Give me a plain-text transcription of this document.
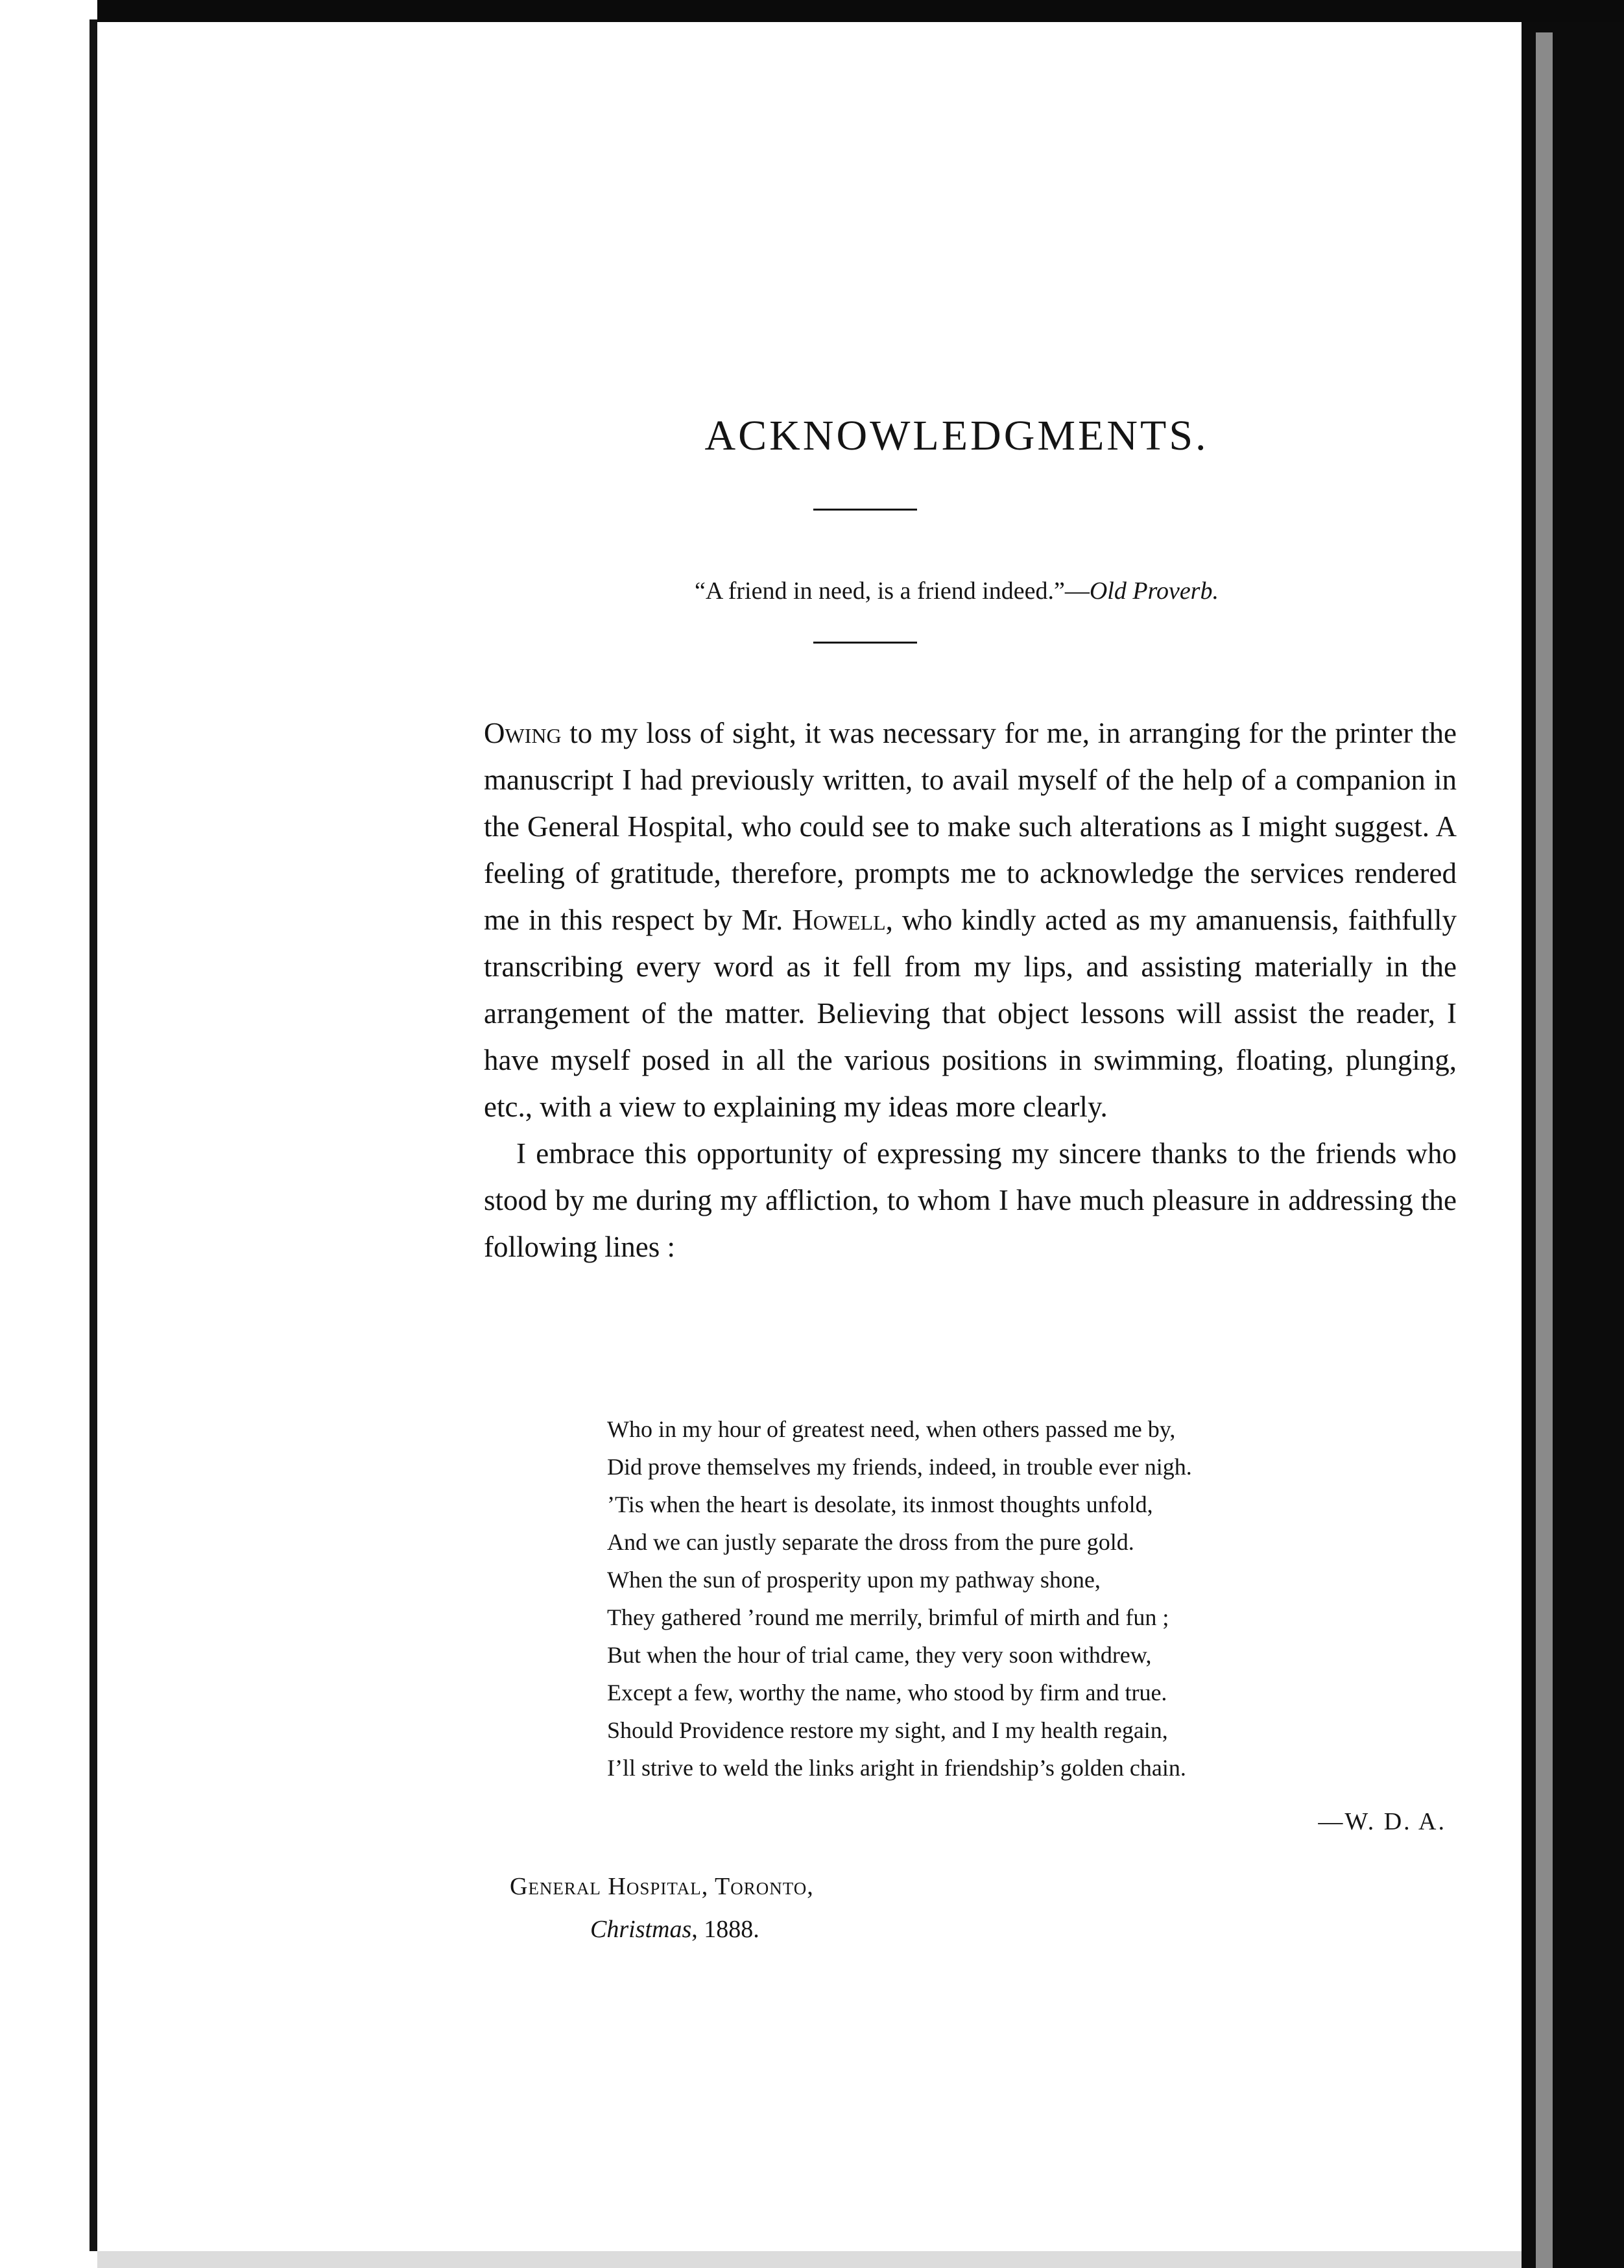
ACKNOWLEDGMENTS.
“A friend in need, is a friend indeed.”—Old Proverb.

Owing to my loss of sight, it was necessary for me, in arranging for the printer the manuscript I had previously written, to avail myself of the help of a companion in the General Hospital, who could see to make such alterations as I might suggest. A feeling of gratitude, therefore, prompts me to acknowledge the services rendered me in this respect by Mr. Howell, who kindly acted as my amanuensis, faithfully transcribing every word as it fell from my lips, and assisting materially in the arrangement of the matter. Believing that object lessons will assist the reader, I have myself posed in all the various positions in swimming, floating, plunging, etc., with a view to explaining my ideas more clearly.

I embrace this opportunity of expressing my sincere thanks to the friends who stood by me during my affliction, to whom I have much pleasure in addressing the following lines :

Who in my hour of greatest need, when others passed me by,
Did prove themselves my friends, indeed, in trouble ever nigh.
’Tis when the heart is desolate, its inmost thoughts unfold,
And we can justly separate the dross from the pure gold.
When the sun of prosperity upon my pathway shone,
They gathered ’round me merrily, brimful of mirth and fun ;
But when the hour of trial came, they very soon withdrew,
Except a few, worthy the name, who stood by firm and true.
Should Providence restore my sight, and I my health regain,
I’ll strive to weld the links aright in friendship’s golden chain.
—W. D. A.
General Hospital, Toronto,
Christmas, 1888.
